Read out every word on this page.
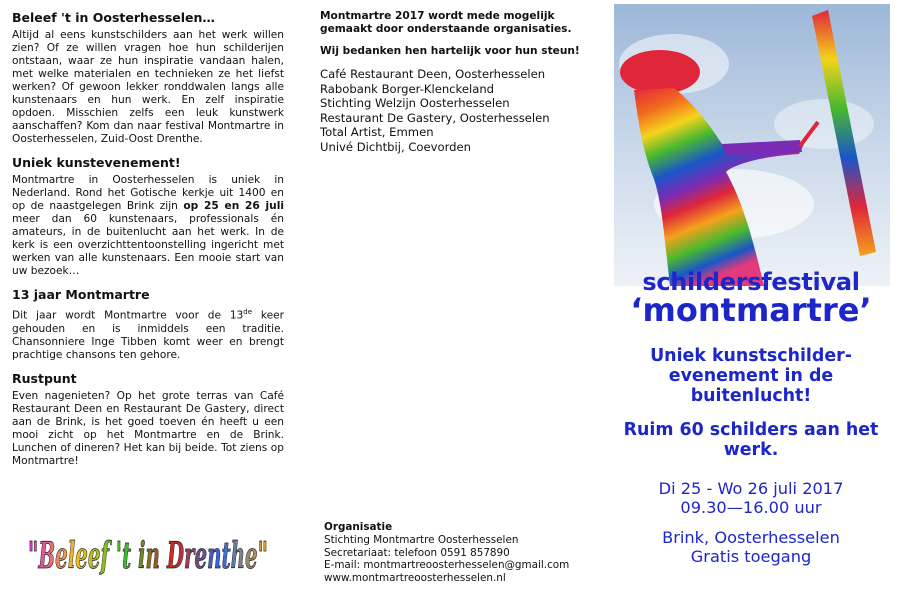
Beleef 't in Oosterhesselen…

Altijd al eens kunstschilders aan het werk willen zien? Of ze willen vragen hoe hun schilderijen ontstaan, waar ze hun inspiratie vandaan halen, met welke materialen en technieken ze het liefst werken? Of gewoon lekker ronddwalen langs alle kunstenaars en hun werk. En zelf inspiratie opdoen. Misschien zelfs een leuk kunstwerk aanschaffen? Kom dan naar festival Montmartre in Oosterhesselen, Zuid-Oost Drenthe.

Uniek kunstevenement!

Montmartre in Oosterhesselen is uniek in Nederland. Rond het Gotische kerkje uit 1400 en op de naastgelegen Brink zijn op 25 en 26 juli meer dan 60 kunstenaars, professionals én amateurs, in de buitenlucht aan het werk. In de kerk is een overzichttentoonstelling ingericht met werken van alle kunstenaars. Een mooie start van uw bezoek…

13 jaar Montmartre

Dit jaar wordt Montmartre voor de 13de keer gehouden en is inmiddels een traditie. Chansonniere Inge Tibben komt weer en brengt prachtige chansons ten gehore.

Rustpunt

Even nagenieten? Op het grote terras van Café Restaurant Deen en Restaurant De Gastery, direct aan de Brink, is het goed toeven én heeft u een mooi zicht op het Montmartre en de Brink. Lunchen of dineren? Het kan bij beide. Tot ziens op Montmartre!

"Beleef 't in Drenthe"
Montmartre 2017 wordt mede mogelijk gemaakt door onderstaande organisaties.
Wij bedanken hen hartelijk voor hun steun!
Café Restaurant Deen, Oosterhesselen
Rabobank Borger-Klenckeland
Stichting Welzijn Oosterhesselen
Restaurant De Gastery, Oosterhesselen
Total Artist, Emmen
Univé Dichtbij, Coevorden
Organisatie
Stichting Montmartre Oosterhesselen
Secretariaat: telefoon 0591 857890
E-mail: montmartreoosterhesselen@gmail.com
www.montmartreoosterhesselen.nl
schildersfestival
‘montmartre’
Uniek kunstschilder-evenement in de buitenlucht!
Ruim 60 schilders aan het werk.
Di 25 - Wo 26 juli 2017
09.30—16.00 uur
Brink, Oosterhesselen
Gratis toegang
